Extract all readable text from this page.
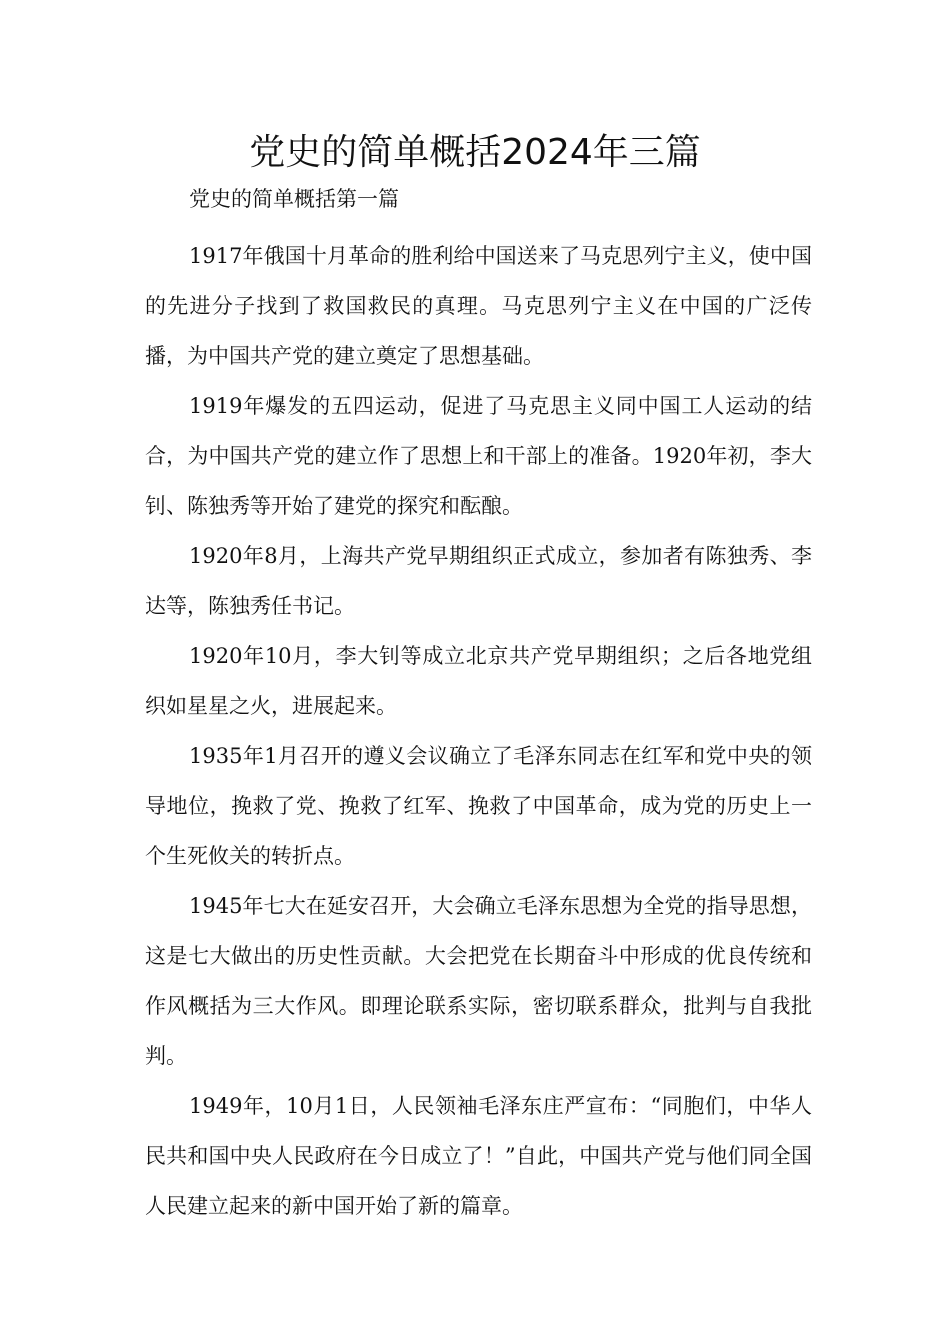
党史的简单概括2024年三篇

党史的简单概括第一篇

1917年俄国十月革命的胜利给中国送来了马克思列宁主义，使中国的先进分子找到了救国救民的真理。马克思列宁主义在中国的广泛传播，为中国共产党的建立奠定了思想基础。

1919年爆发的五四运动，促进了马克思主义同中国工人运动的结合，为中国共产党的建立作了思想上和干部上的准备。1920年初，李大钊、陈独秀等开始了建党的探究和酝酿。

1920年8月，上海共产党早期组织正式成立，参加者有陈独秀、李达等，陈独秀任书记。

1920年10月，李大钊等成立北京共产党早期组织；之后各地党组织如星星之火，进展起来。

1935年1月召开的遵义会议确立了毛泽东同志在红军和党中央的领导地位，挽救了党、挽救了红军、挽救了中国革命，成为党的历史上一个生死攸关的转折点。

1945年七大在延安召开，大会确立毛泽东思想为全党的指导思想，这是七大做出的历史性贡献。大会把党在长期奋斗中形成的优良传统和作风概括为三大作风。即理论联系实际，密切联系群众，批判与自我批判。

1949年，10月1日，人民领袖毛泽东庄严宣布：“同胞们，中华人民共和国中央人民政府在今日成立了！”自此，中国共产党与他们同全国人民建立起来的新中国开始了新的篇章。
